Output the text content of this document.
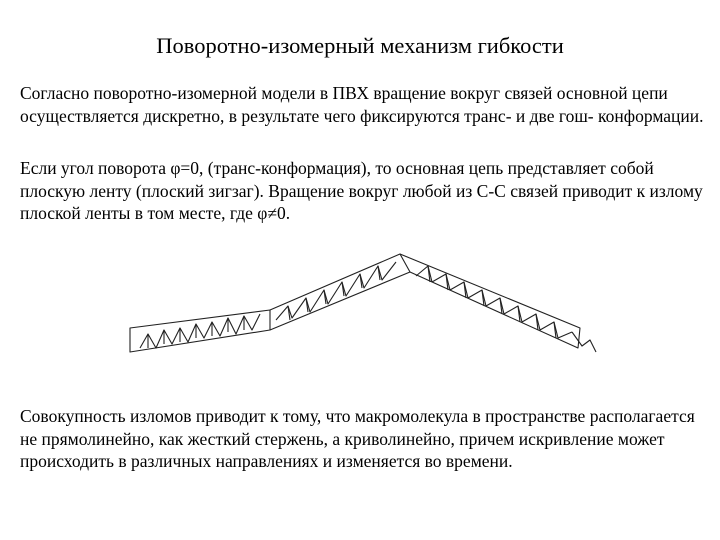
Поворотно-изомерный механизм гибкости

Согласно поворотно-изомерной модели в ПВХ вращение вокруг связей основной цепи осуществляется дискретно, в результате чего фиксируются транс- и две гош- конформации.

Если угол поворота φ=0, (транс-конформация), то основная цепь представляет собой плоскую ленту (плоский зигзаг). Вращение вокруг любой из С-С связей приводит к излому плоской ленты в том месте, где φ≠0.

Совокупность изломов приводит к тому, что макромолекула в пространстве располагается не прямолинейно, как жесткий стержень, а криволинейно, причем искривление может происходить в различных направлениях и изменяется во времени.
